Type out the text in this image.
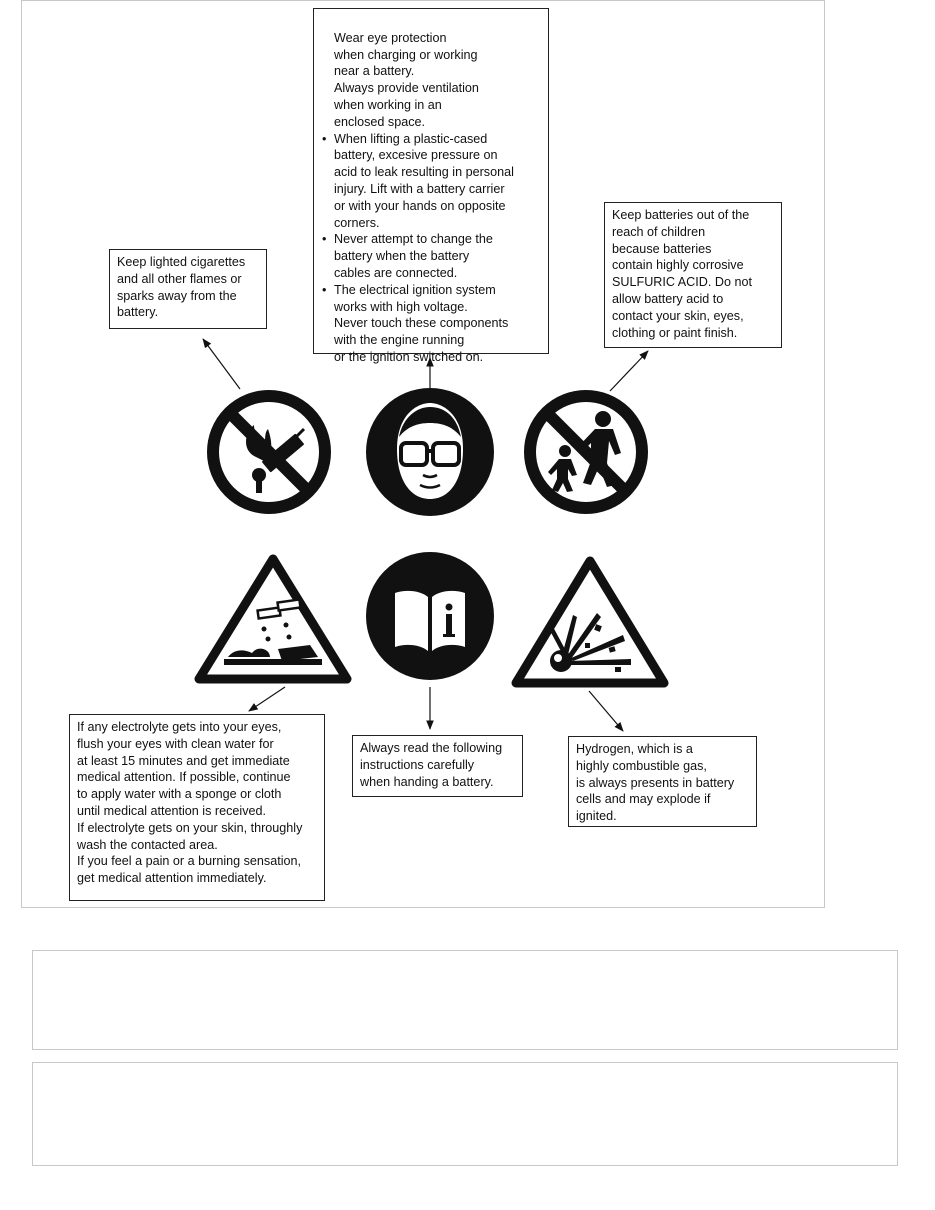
Wear eye protection
when charging or working
near a battery.
Always provide ventilation
when working in an
enclosed space.
• When lifting a plastic-cased
battery, excesive pressure on
acid to leak resulting in personal
injury. Lift with a battery carrier
or with your hands on opposite
corners.
• Never attempt to change the
battery when the battery
cables are connected.
• The electrical ignition system
works with high voltage.
Never touch these components
with the engine running
or the ignition switched on.

Keep lighted cigarettes
and all other flames or
sparks away from the
battery.
Keep batteries out of the
reach of children
because batteries
contain highly corrosive
SULFURIC ACID. Do not
allow battery acid to
contact your skin, eyes,
clothing or paint finish.
If any electrolyte gets into your eyes,
flush your eyes with clean water for
at least 15 minutes and get immediate
medical attention. If possible, continue
to apply water with a sponge or cloth
until medical attention is received.
If electrolyte gets on your skin, throughly
wash the contacted area.
If you feel a pain or a burning sensation,
get medical attention immediately.
Always read the following
instructions carefully
when handing a battery.
Hydrogen, which is a
highly combustible gas,
is always presents in battery
cells and may explode if
ignited.
